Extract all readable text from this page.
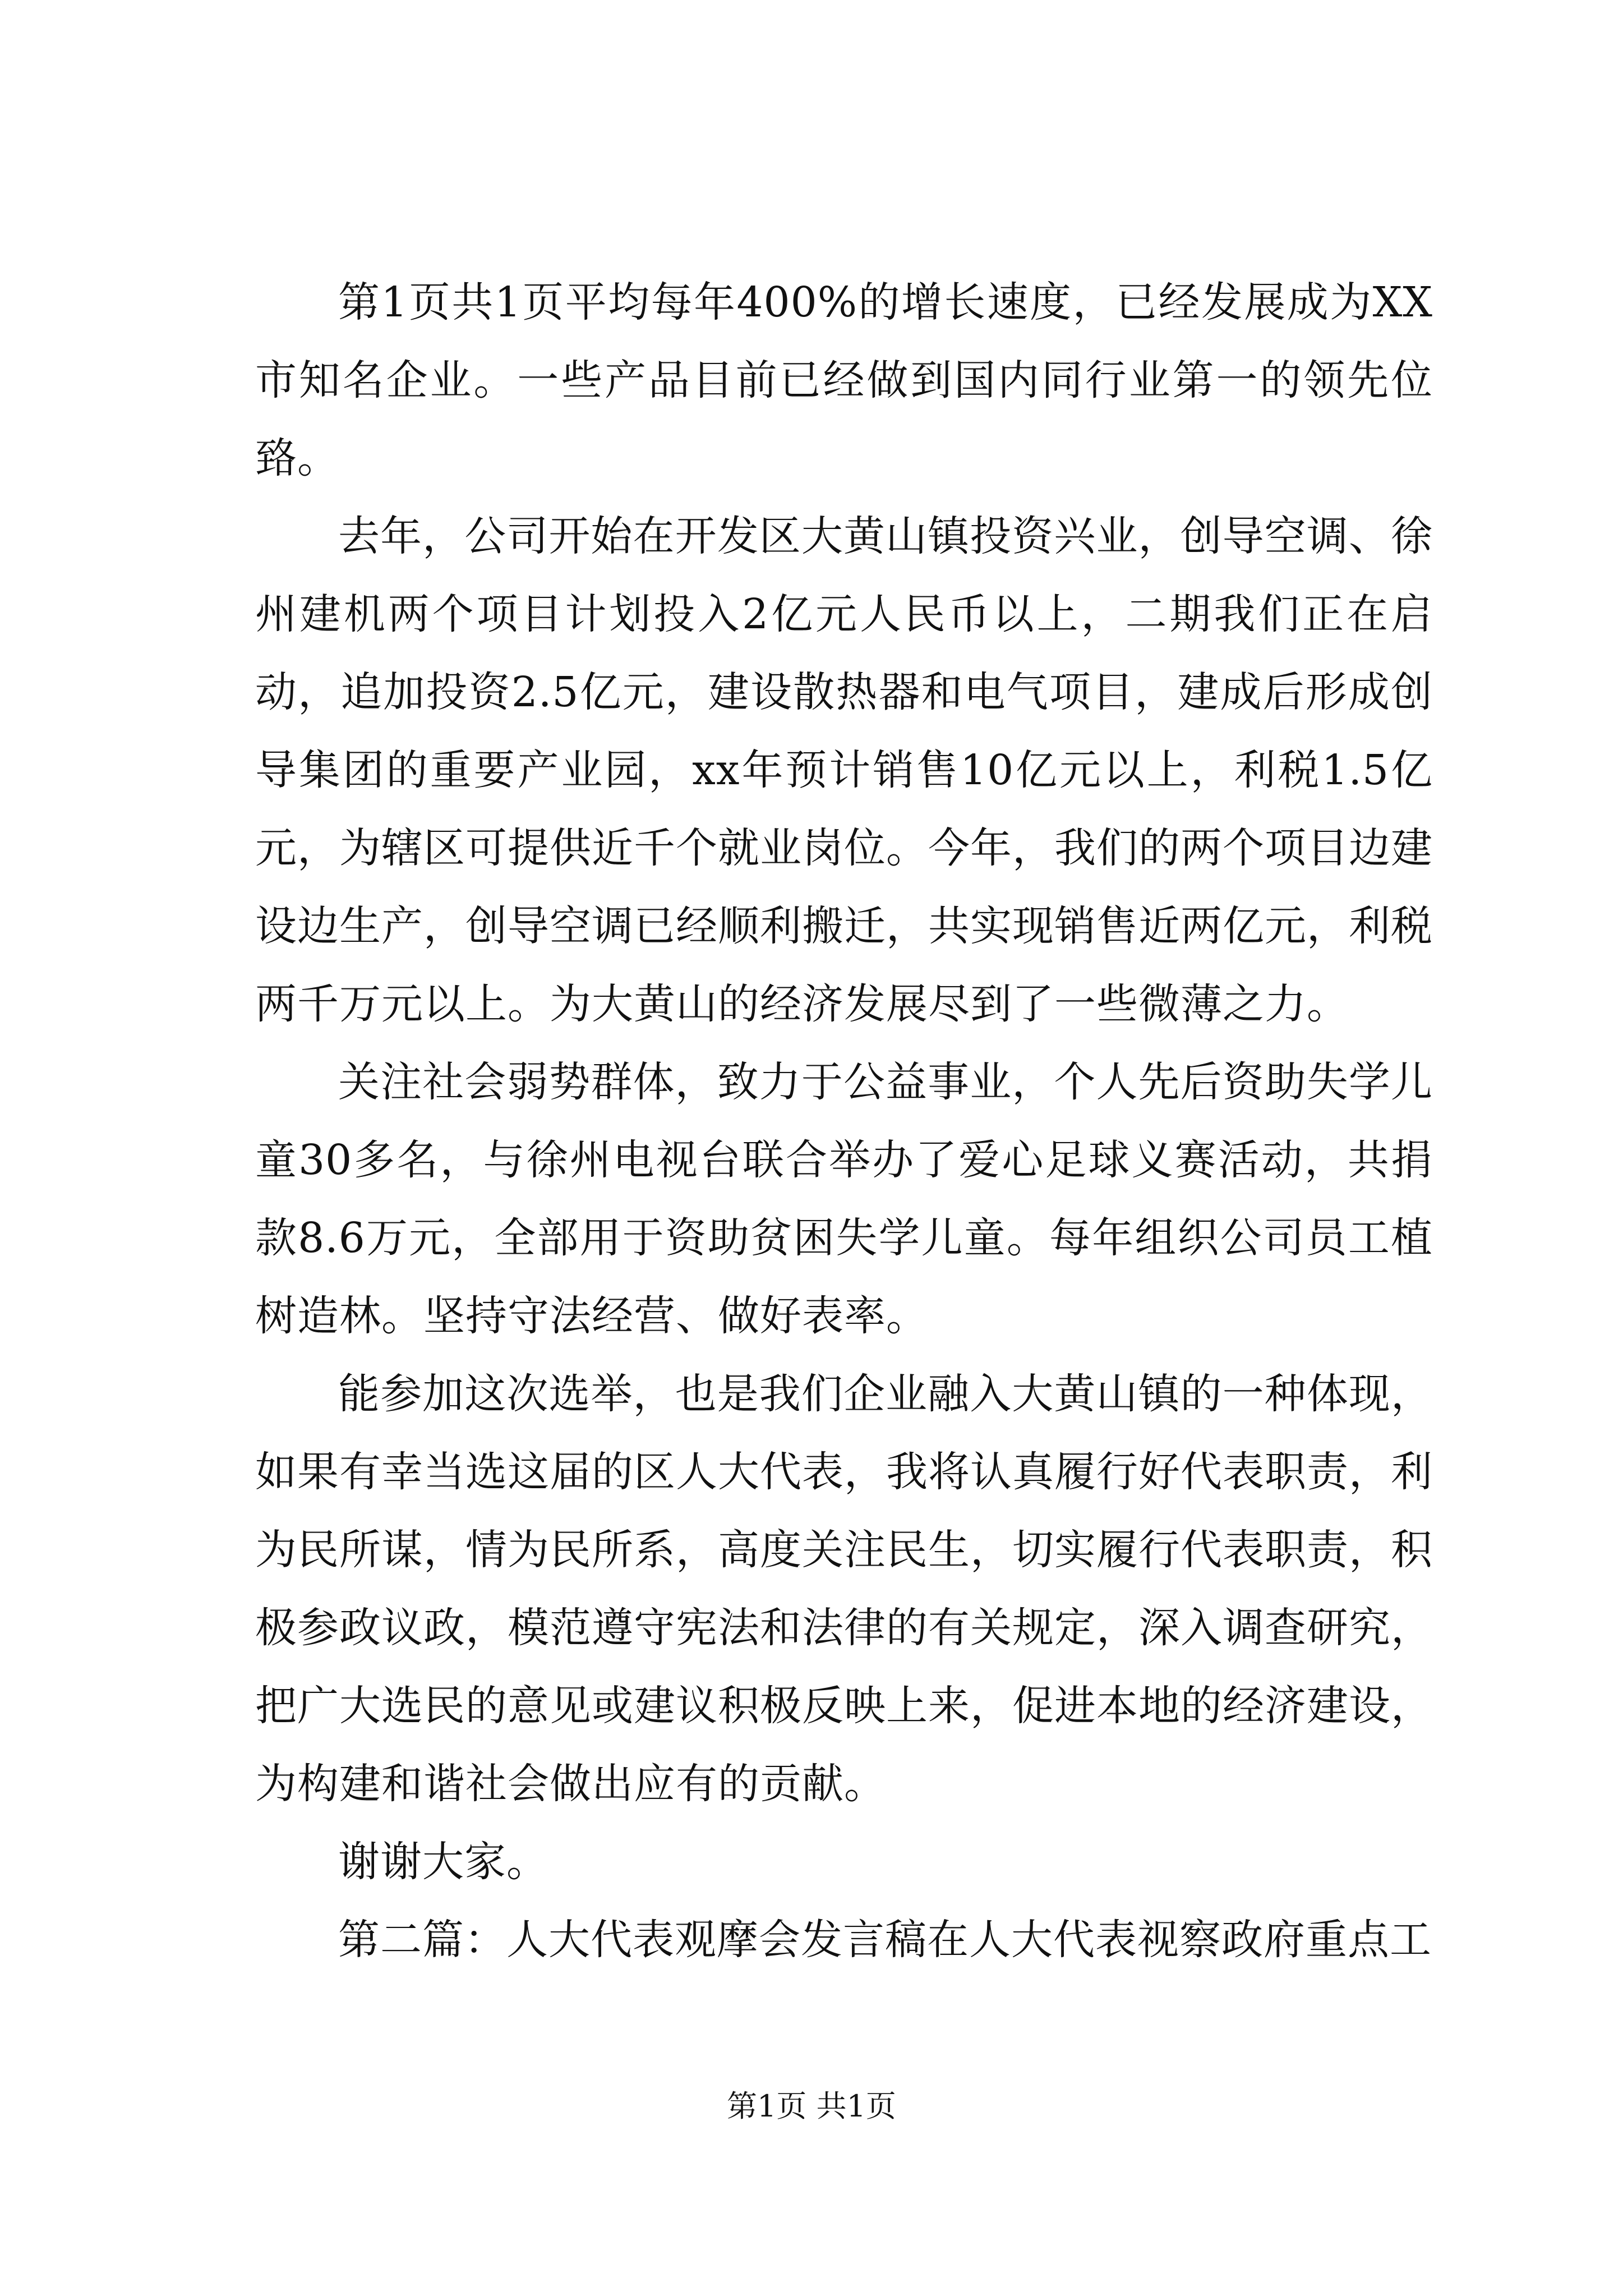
第1页共1页平均每年400%的增长速度，已经发展成为XX市知名企业。一些产品目前已经做到国内同行业第一的领先位臵。

去年，公司开始在开发区大黄山镇投资兴业，创导空调、徐州建机两个项目计划投入2亿元人民币以上，二期我们正在启动，追加投资2.5亿元，建设散热器和电气项目，建成后形成创导集团的重要产业园，xx年预计销售10亿元以上，利税1.5亿元，为辖区可提供近千个就业岗位。今年，我们的两个项目边建设边生产，创导空调已经顺利搬迁，共实现销售近两亿元，利税两千万元以上。为大黄山的经济发展尽到了一些微薄之力。

关注社会弱势群体，致力于公益事业，个人先后资助失学儿童30多名，与徐州电视台联合举办了爱心足球义赛活动，共捐款8.6万元，全部用于资助贫困失学儿童。每年组织公司员工植树造林。坚持守法经营、做好表率。

能参加这次选举，也是我们企业融入大黄山镇的一种体现，如果有幸当选这届的区人大代表，我将认真履行好代表职责，利为民所谋，情为民所系，高度关注民生，切实履行代表职责，积极参政议政，模范遵守宪法和法律的有关规定，深入调查研究，把广大选民的意见或建议积极反映上来，促进本地的经济建设，为构建和谐社会做出应有的贡献。

谢谢大家。

第二篇：人大代表观摩会发言稿在人大代表视察政府重点工

第1页 共1页
